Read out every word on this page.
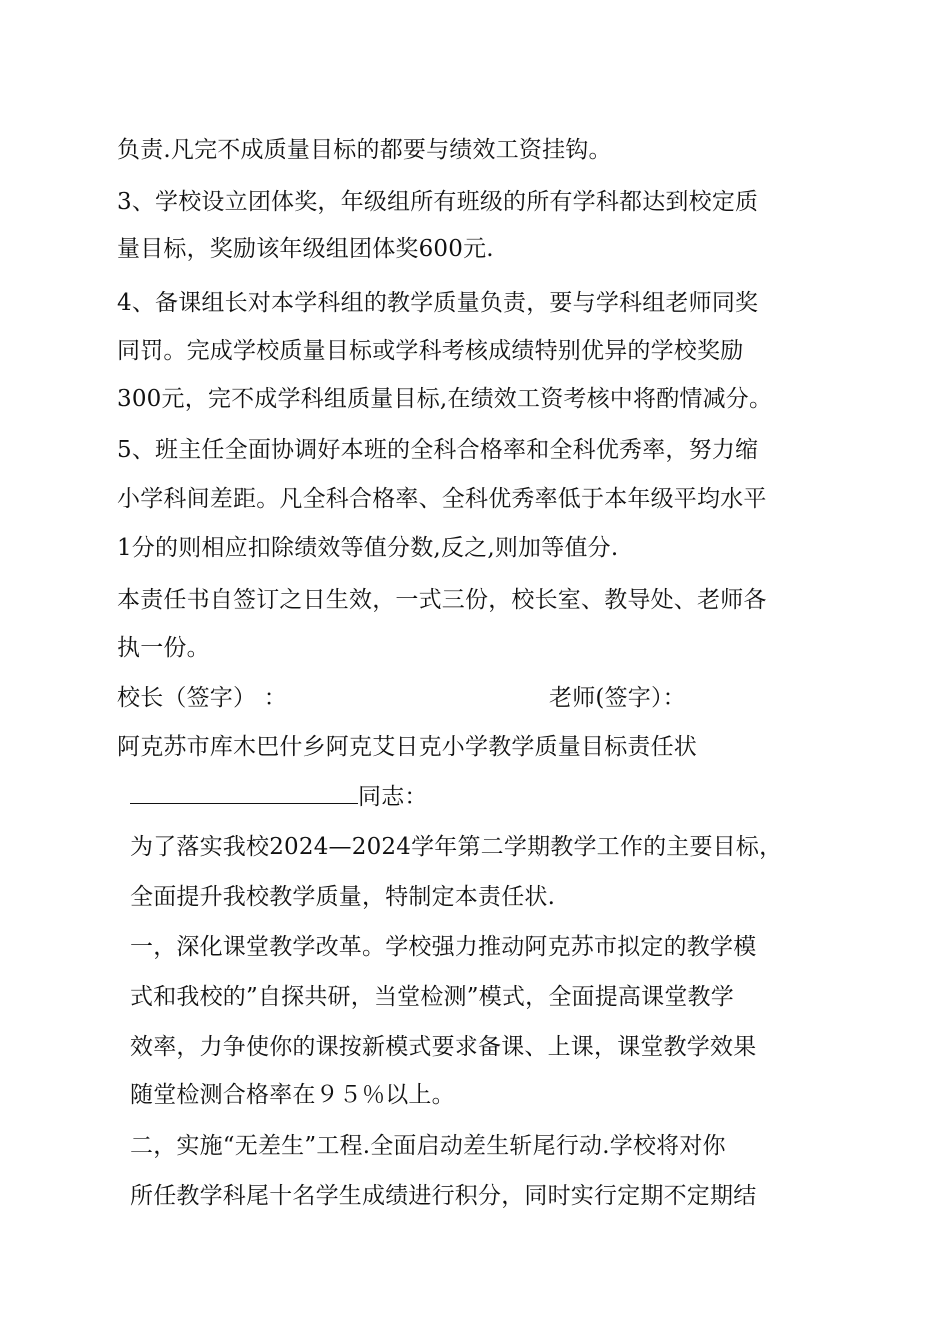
负责.凡完不成质量目标的都要与绩效工资挂钩。
3、学校设立团体奖，年级组所有班级的所有学科都达到校定质
量目标，奖励该年级组团体奖600元.
4、备课组长对本学科组的教学质量负责，要与学科组老师同奖
同罚。完成学校质量目标或学科考核成绩特别优异的学校奖励
300元，完不成学科组质量目标,在绩效工资考核中将酌情减分。
5、班主任全面协调好本班的全科合格率和全科优秀率，努力缩
小学科间差距。凡全科合格率、全科优秀率低于本年级平均水平
1分的则相应扣除绩效等值分数,反之,则加等值分.
本责任书自签订之日生效，一式三份，校长室、教导处、老师各
执一份。
校长（签字） ：	老师(签字）：
阿克苏市库木巴什乡阿克艾日克小学教学质量目标责任状
同志：
为了落实我校2024—2024学年第二学期教学工作的主要目标，
全面提升我校教学质量，特制定本责任状.
一，深化课堂教学改革。学校强力推动阿克苏市拟定的教学模
式和我校的”自探共研，当堂检测”模式，全面提高课堂教学
效率，力争使你的课按新模式要求备课、上课，课堂教学效果
随堂检测合格率在９５％以上。
二，实施“无差生”工程.全面启动差生斩尾行动.学校将对你
所任教学科尾十名学生成绩进行积分，同时实行定期不定期结
